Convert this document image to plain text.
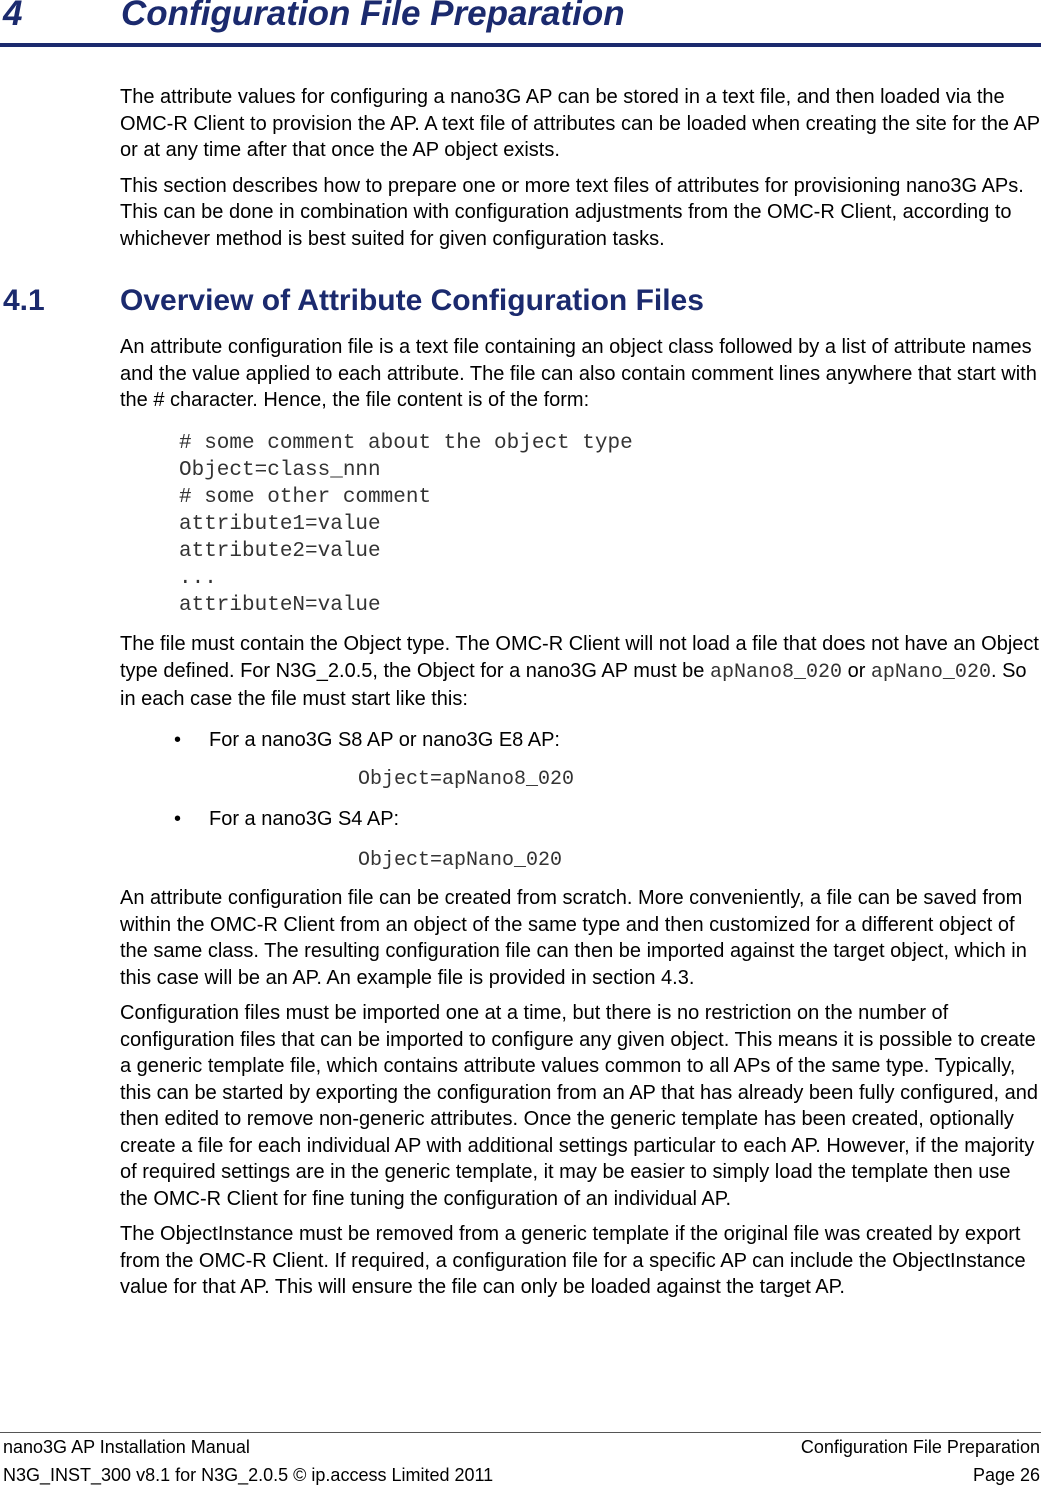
4	Configuration File Preparation

The attribute values for configuring a nano3G AP can be stored in a text file, and then loaded via the OMC-R Client to provision the AP. A text file of attributes can be loaded when creating the site for the AP or at any time after that once the AP object exists.

This section describes how to prepare one or more text files of attributes for provisioning nano3G APs. This can be done in combination with configuration adjustments from the OMC-R Client, according to whichever method is best suited for given configuration tasks.

4.1	Overview of Attribute Configuration Files

An attribute configuration file is a text file containing an object class followed by a list of attribute names and the value applied to each attribute. The file can also contain comment lines anywhere that start with the # character. Hence, the file content is of the form:

# some comment about the object type
Object=class_nnn
# some other comment
attribute1=value
attribute2=value
...
attributeN=value

The file must contain the Object type. The OMC-R Client will not load a file that does not have an Object type defined. For N3G_2.0.5, the Object for a nano3G AP must be apNano8_020 or apNano_020. So in each case the file must start like this:

• For a nano3G S8 AP or nano3G E8 AP:
Object=apNano8_020
• For a nano3G S4 AP:
Object=apNano_020

An attribute configuration file can be created from scratch. More conveniently, a file can be saved from within the OMC-R Client from an object of the same type and then customized for a different object of the same class. The resulting configuration file can then be imported against the target object, which in this case will be an AP. An example file is provided in section 4.3.

Configuration files must be imported one at a time, but there is no restriction on the number of configuration files that can be imported to configure any given object. This means it is possible to create a generic template file, which contains attribute values common to all APs of the same type. Typically, this can be started by exporting the configuration from an AP that has already been fully configured, and then edited to remove non-generic attributes. Once the generic template has been created, optionally create a file for each individual AP with additional settings particular to each AP. However, if the majority of required settings are in the generic template, it may be easier to simply load the template then use the OMC-R Client for fine tuning the configuration of an individual AP.

The ObjectInstance must be removed from a generic template if the original file was created by export from the OMC-R Client. If required, a configuration file for a specific AP can include the ObjectInstance value for that AP. This will ensure the file can only be loaded against the target AP.

nano3G AP Installation Manual
N3G_INST_300 v8.1 for N3G_2.0.5 © ip.access Limited 2011
Configuration File Preparation
Page 26
